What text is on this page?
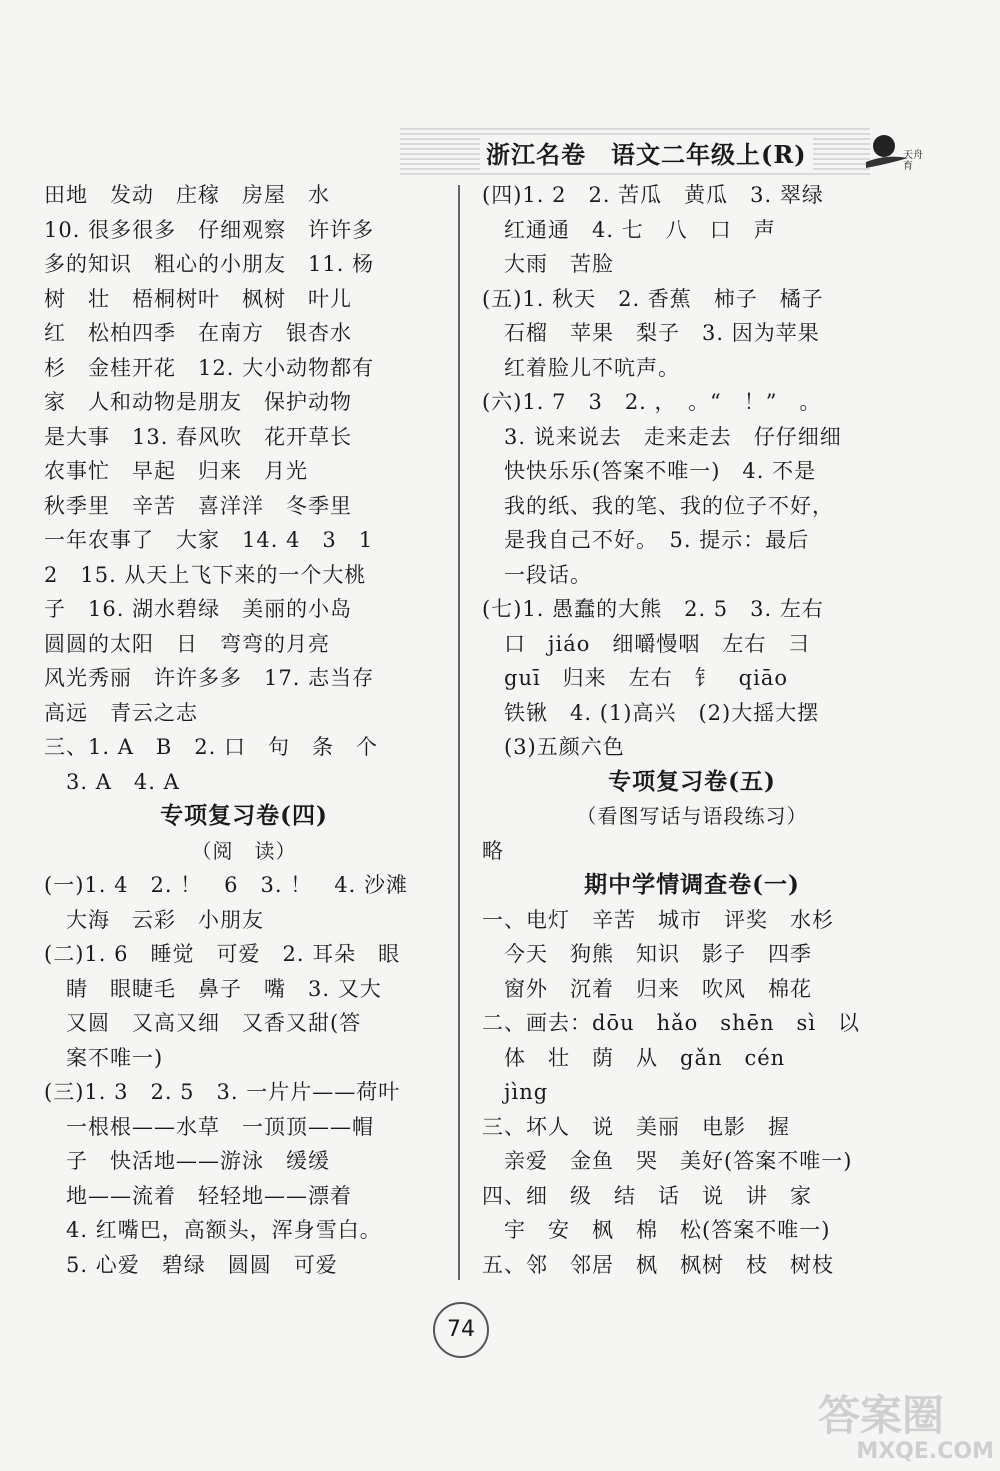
浙江名卷　语文二年级上(R)	天舟育
田地　发动　庄稼　房屋　水
10. 很多很多　仔细观察　许许多
多的知识　粗心的小朋友　11. 杨
树　壮　梧桐树叶　枫树　叶儿
红　松柏四季　在南方　银杏水
杉　金桂开花　12. 大小动物都有
家　人和动物是朋友　保护动物
是大事　13. 春风吹　花开草长
农事忙　早起　归来　月光
秋季里　辛苦　喜洋洋　冬季里
一年农事了　大家　14. 4　3　1
2　15. 从天上飞下来的一个大桃
子　16. 湖水碧绿　美丽的小岛
圆圆的太阳　日　弯弯的月亮
风光秀丽　许许多多　17. 志当存
高远　青云之志
三、1. A　B　2. 口　句　条　个
　3. A　4. A
专项复习卷(四)
（阅　读）
(一)1. 4　2. ！　6　3. ！　4. 沙滩
　大海　云彩　小朋友
(二)1. 6　睡觉　可爱　2. 耳朵　眼
　睛　眼睫毛　鼻子　嘴　3. 又大
　又圆　又高又细　又香又甜(答
　案不唯一)
(三)1. 3　2. 5　3. 一片片——荷叶
　一根根——水草　一顶顶——帽
　子　快活地——游泳　缓缓
　地——流着　轻轻地——漂着
　4. 红嘴巴，高额头，浑身雪白。
　5. 心爱　碧绿　圆圆　可爱
(四)1. 2　2. 苦瓜　黄瓜　3. 翠绿
　红通通　4. 七　八　口　声
　大雨　苦脸
(五)1. 秋天　2. 香蕉　柿子　橘子
　石榴　苹果　梨子　3. 因为苹果
　红着脸儿不吭声。
(六)1. 7　3　2. ，　。“　！”　。
　3. 说来说去　走来走去　仔仔细细
　快快乐乐(答案不唯一)　4. 不是
　我的纸、我的笔、我的位子不好，
　是我自己不好。　5. 提示：最后
　一段话。
(七)1. 愚蠢的大熊　2. 5　3. 左右
　口　jiáo　细嚼慢咽　左右　彐
　guī　归来　左右　钅　qiāo
　铁锹　4. (1)高兴　(2)大摇大摆
　(3)五颜六色
专项复习卷(五)
（看图写话与语段练习）
略
期中学情调查卷(一)
一、电灯　辛苦　城市　评奖　水杉
　今天　狗熊　知识　影子　四季
　窗外　沉着　归来　吹风　棉花
二、画去：dōu　hǎo　shēn　sì　以
　体　壮　荫　从　gǎn　cén
　jìng
三、坏人　说　美丽　电影　握
　亲爱　金鱼　哭　美好(答案不唯一)
四、细　级　结　话　说　讲　家
　宇　安　枫　棉　松(答案不唯一)
五、邻　邻居　枫　枫树　枝　树枝
74
答案圈
MXQE.COM
